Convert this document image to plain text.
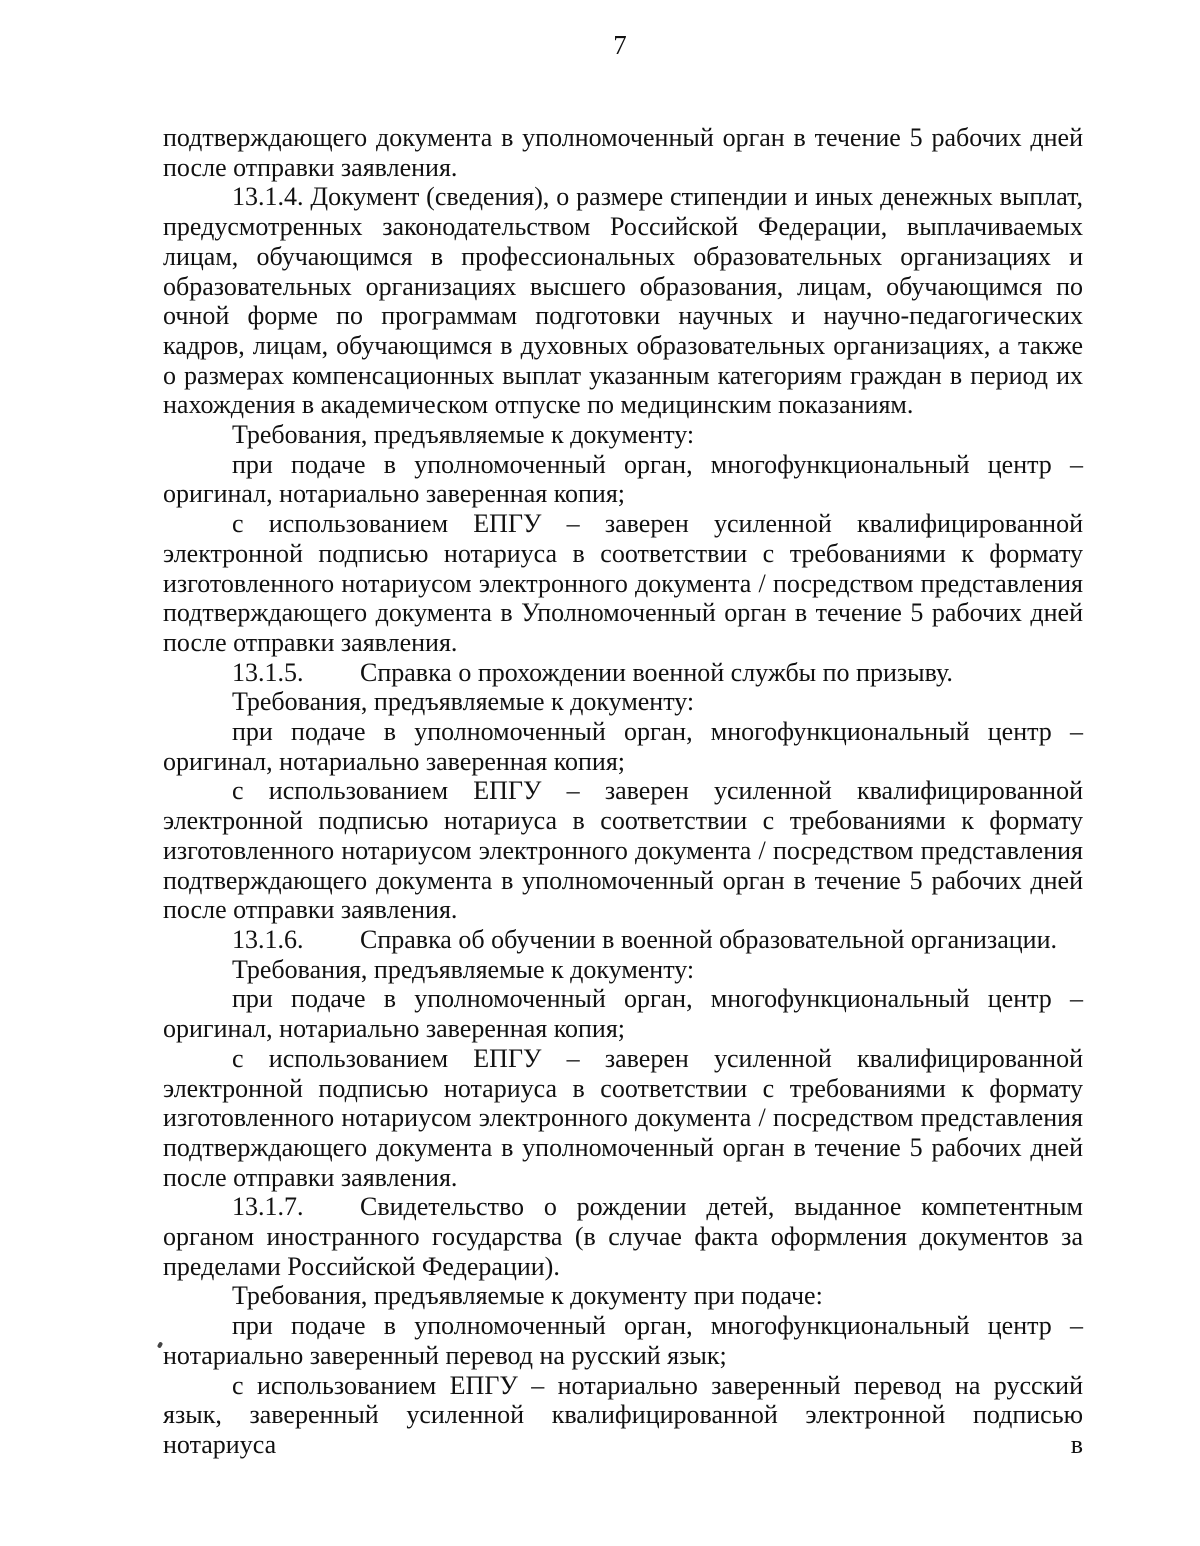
7

подтверждающего документа в уполномоченный орган в течение 5 рабочих дней после отправки заявления.

13.1.4. Документ (сведения), о размере стипендии и иных денежных выплат, предусмотренных законодательством Российской Федерации, выплачиваемых лицам, обучающимся в профессиональных образовательных организациях и образовательных организациях высшего образования, лицам, обучающимся по очной форме по программам подготовки научных и научно-педагогических кадров, лицам, обучающимся в духовных образовательных организациях, а также о размерах компенсационных выплат указанным категориям граждан в период их нахождения в академическом отпуске по медицинским показаниям.

Требования, предъявляемые к документу:

при подаче в уполномоченный орган, многофункциональный центр – оригинал, нотариально заверенная копия;

с использованием ЕПГУ – заверен усиленной квалифицированной электронной подписью нотариуса в соответствии с требованиями к формату изготовленного нотариусом электронного документа / посредством представления подтверждающего документа в Уполномоченный орган в течение 5 рабочих дней после отправки заявления.

13.1.5.	Справка о прохождении военной службы по призыву.

Требования, предъявляемые к документу:

при подаче в уполномоченный орган, многофункциональный центр – оригинал, нотариально заверенная копия;

с использованием ЕПГУ – заверен усиленной квалифицированной электронной подписью нотариуса в соответствии с требованиями к формату изготовленного нотариусом электронного документа / посредством представления подтверждающего документа в уполномоченный орган в течение 5 рабочих дней после отправки заявления.

13.1.6.	Справка об обучении в военной образовательной организации.

Требования, предъявляемые к документу:

при подаче в уполномоченный орган, многофункциональный центр – оригинал, нотариально заверенная копия;

с использованием ЕПГУ – заверен усиленной квалифицированной электронной подписью нотариуса в соответствии с требованиями к формату изготовленного нотариусом электронного документа / посредством представления подтверждающего документа в уполномоченный орган в течение 5 рабочих дней после отправки заявления.

13.1.7. Свидетельство о рождении детей, выданное компетентным органом иностранного государства (в случае факта оформления документов за пределами Российской Федерации).

Требования, предъявляемые к документу при подаче:

при подаче в уполномоченный орган, многофункциональный центр – нотариально заверенный перевод на русский язык;

с использованием ЕПГУ – нотариально заверенный перевод на русский язык, заверенный усиленной квалифицированной электронной подписью нотариуса в
